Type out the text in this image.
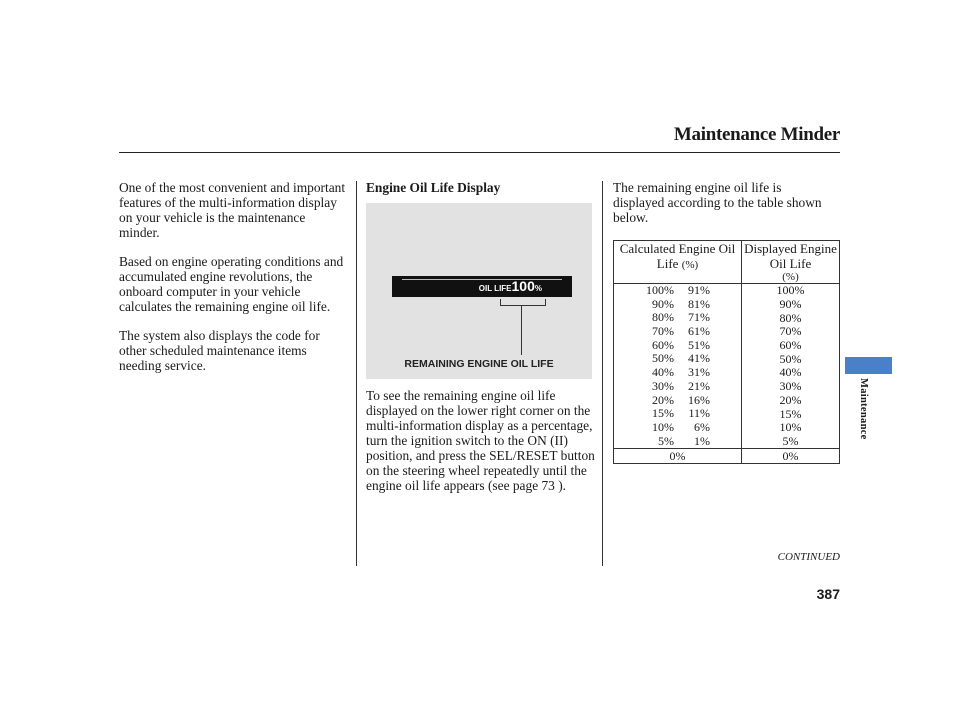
Maintenance Minder

One of the most convenient and important features of the multi-information display on your vehicle is the maintenance minder.

Based on engine operating conditions and accumulated engine revolutions, the onboard computer in your vehicle calculates the remaining engine oil life.

The system also displays the code for other scheduled maintenance items needing service.

Engine Oil Life Display

OIL LIFE100%
REMAINING ENGINE OIL LIFE

To see the remaining engine oil life displayed on the lower right corner on the multi-information display as a percentage, turn the ignition switch to the ON (II) position, and press the SEL/RESET button on the steering wheel repeatedly until the engine oil life appears (see page 73 ).

The remaining engine oil life is displayed according to the table shown below.

Calculated Engine Oil Life (%)	Displayed Engine Oil Life
(%)

100% 91%	100%

90% 81%	90%

80% 71%	80%

70% 61%	70%

60% 51%	60%

50% 41%	50%

40% 31%	40%

30% 21%	30%

20% 16%	20%

15% 11%	15%

10% 6%	10%

5% 1%	5%

0%	0%
Maintenance
CONTINUED
387
